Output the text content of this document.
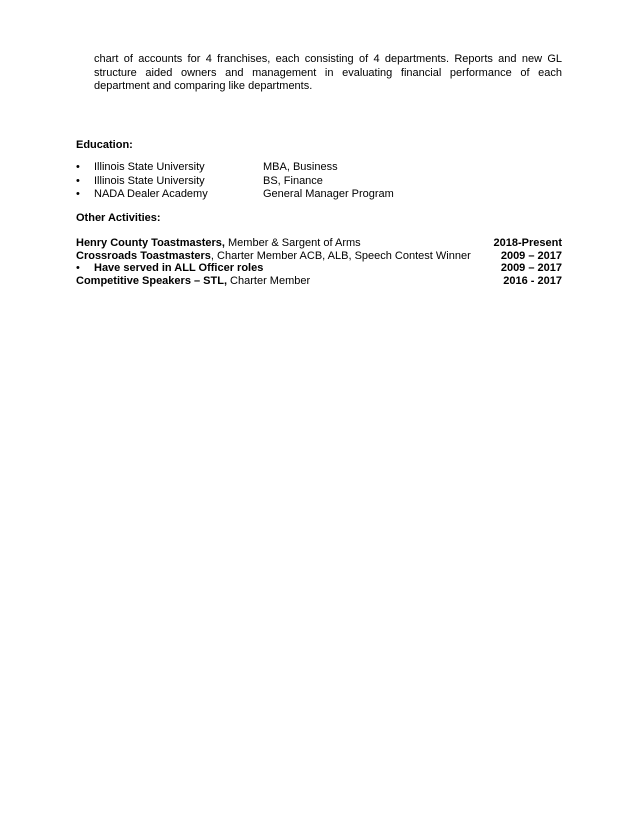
chart of accounts for 4 franchises, each consisting of 4 departments. Reports and new GL structure aided owners and management in evaluating financial performance of each department and comparing like departments.

Education:

•	Illinois State University	MBA, Business
•	Illinois State University	BS, Finance
•	NADA Dealer Academy	General Manager Program

Other Activities:

Henry County Toastmasters, Member & Sargent of Arms	2018-Present
Crossroads Toastmasters, Charter Member ACB, ALB, Speech Contest Winner	2009 – 2017
• Have served in ALL Officer roles	2009 – 2017
Competitive Speakers – STL, Charter Member	2016 - 2017
